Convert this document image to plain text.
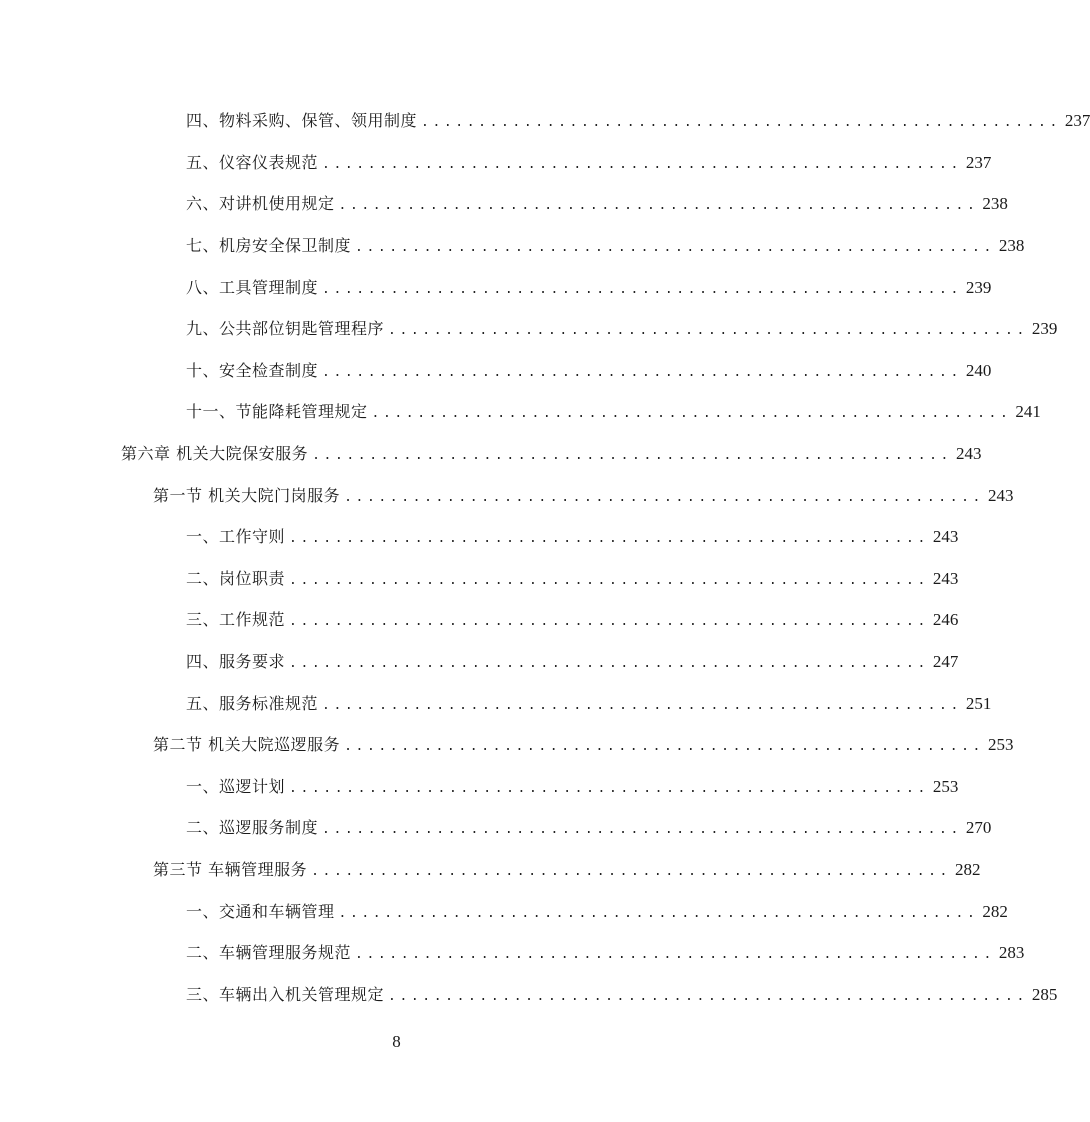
四、物料采购、保管、领用制度 ........................................................ 237
五、仪容仪表规范 ........................................................ 237
六、对讲机使用规定 ........................................................ 238
七、机房安全保卫制度 ........................................................ 238
八、工具管理制度 ........................................................ 239
九、公共部位钥匙管理程序 ........................................................ 239
十、安全检查制度 ........................................................ 240
十一、节能降耗管理规定 ........................................................ 241
第六章 机关大院保安服务 ........................................................ 243
第一节 机关大院门岗服务 ........................................................ 243
一、工作守则 ........................................................ 243
二、岗位职责 ........................................................ 243
三、工作规范 ........................................................ 246
四、服务要求 ........................................................ 247
五、服务标准规范 ........................................................ 251
第二节 机关大院巡逻服务 ........................................................ 253
一、巡逻计划 ........................................................ 253
二、巡逻服务制度 ........................................................ 270
第三节 车辆管理服务 ........................................................ 282
一、交通和车辆管理 ........................................................ 282
二、车辆管理服务规范 ........................................................ 283
三、车辆出入机关管理规定 ........................................................ 285
8
